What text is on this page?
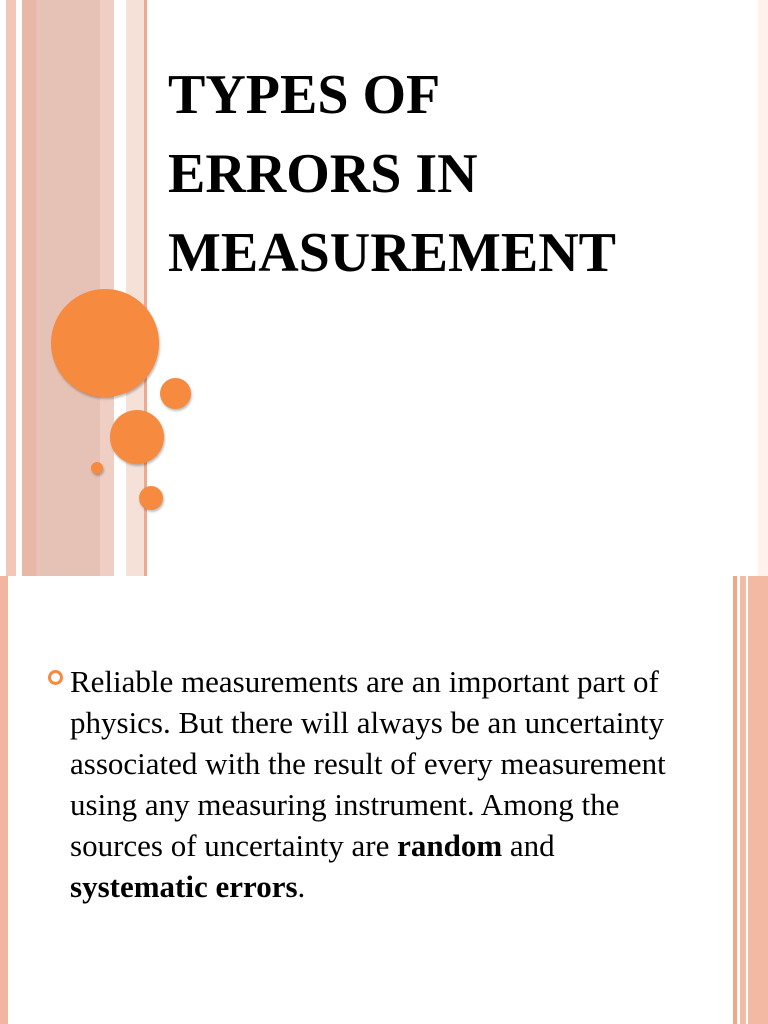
TYPES OF ERRORS IN MEASUREMENT
Reliable measurements are an important part of physics. But there will always be an uncertainty associated with the result of every measurement using any measuring instrument. Among the sources of uncertainty are random and systematic errors.
